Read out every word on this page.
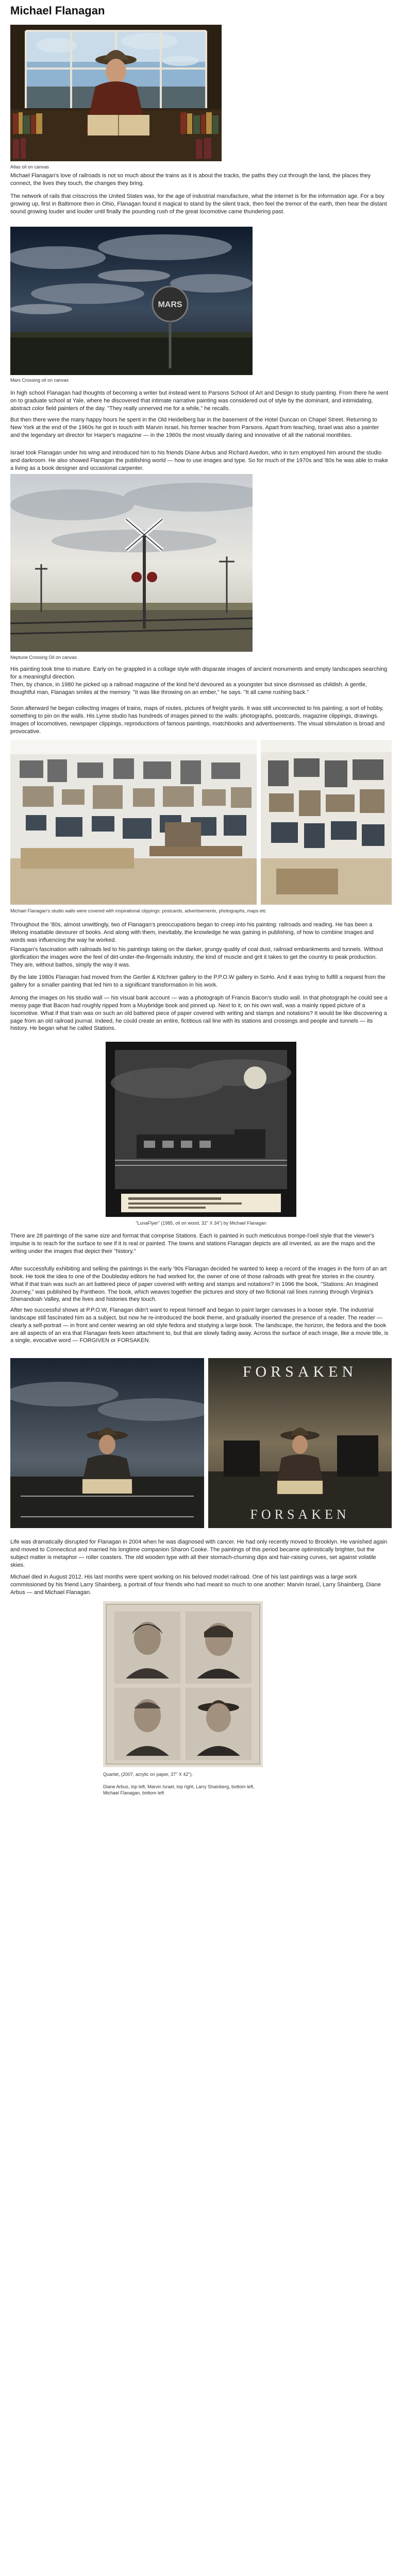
Michael Flanagan
Atlas oil on canvas

Michael Flanagan's love of railroads is not so much about the trains as it is about the tracks, the paths they cut through the land, the places they connect, the lives they touch, the changes they bring.

The network of rails that crisscross the United States was, for the age of industrial manufacture, what the internet is for the information age. For a boy growing up, first in Baltimore then in Ohio, Flanagan found it magical to stand by the silent track, then feel the tremor of the earth, then hear the distant sound growing louder and louder until finally the pounding rush of the great locomotive came thundering past.

MARS
Mars Crossing oil on canvas

In high school Flanagan had thoughts of becoming a writer but instead went to Parsons School of Art and Design to study painting. From there he went on to graduate school at Yale, where he discovered that intimate narrative painting was considered out of style by the dominant, and intimidating, abstract color field painters of the day. "They really unnerved me for a while," he recalls.

But then there were the many happy hours he spent in the Old Heidelberg bar in the basement of the Hotel Duncan on Chapel Street. Returning to New York at the end of the 1960s he got in touch with Marvin Israel, his former teacher from Parsons. Apart from teaching, Israel was also a painter and the legendary art director for Harper's magazine — in the 1960s the most visually daring and innovative of all the national monthlies.

Israel took Flanagan under his wing and introduced him to his friends Diane Arbus and Richard Avedon, who in turn employed him around the studio and darkroom. He also showed Flanagan the publishing world — how to use images and type. So for much of the 1970s and '80s he was able to make a living as a book designer and occasional carpenter.

Neptune Crossing Oil on canvas

His painting took time to mature. Early on he grappled in a collage style with disparate images of ancient monuments and empty landscapes searching for a meaningful direction.

Then, by chance, in 1980 he picked up a railroad magazine of the kind he'd devoured as a youngster but since dismissed as childish. A gentle, thoughtful man, Flanagan smiles at the memory. "It was like throwing on an ember," he says. "It all came rushing back."

Soon afterward he began collecting images of trains, maps of routes, pictures of freight yards. It was still unconnected to his painting; a sort of hobby, something to pin on the walls. His Lyme studio has hundreds of images pinned to the walls: photographs, postcards, magazine clippings, drawings. Images of locomotives, newspaper clippings, reproductions of famous paintings, matchbooks and advertisements. The visual stimulation is broad and provocative.

Michael Flanagan's studio walls were covered with inspirational clippings: postcards, advertisements, photographs, maps etc

Throughout the '80s, almost unwittingly, two of Flanagan's preoccupations began to creep into his painting: railroads and reading. He has been a lifelong insatiable devourer of books. And along with them, inevitably, the knowledge he was gaining in publishing, of how to combine images and words was influencing the way he worked.

Flanagan's fascination with railroads led to his paintings taking on the darker, grungy quality of coal dust, railroad embankments and tunnels. Without glorification the images wore the feel of dirt-under-the-fingernails industry, the kind of muscle and grit it takes to get the country to peak production. They are, without bathos, simply the way it was.

By the late 1980s Flanagan had moved from the Gertler & Kitchner gallery to the P.P.O.W gallery in SoHo. And it was trying to fulfill a request from the gallery for a smaller painting that led him to a significant transformation in his work.

Among the images on his studio wall — his visual bank account — was a photograph of Francis Bacon's studio wall. In that photograph he could see a messy page that Bacon had roughly ripped from a Muybridge book and pinned up. Next to it, on his own wall, was a mainly ripped picture of a locomotive. What if that train was on such an old battered piece of paper covered with writing and stamps and notations? It would be like discovering a page from an old railroad journal. Indeed, he could create an entire, fictitious rail line with its stations and crossings and people and tunnels — its history. He began what he called Stations.

"LunaFlyer" (1985, oil on wood, 32" X 34") by Michael Flanagan

There are 28 paintings of the same size and format that comprise Stations. Each is painted in such meticulous trompe-l'oeil style that the viewer's impulse is to reach for the surface to see if it is real or painted. The towns and stations Flanagan depicts are all invented, as are the maps and the writing under the images that depict their "history."

After successfully exhibiting and selling the paintings in the early '90s Flanagan decided he wanted to keep a record of the images in the form of an art book. He took the idea to one of the Doubleday editors he had worked for, the owner of one of those railroads with great fire stories in the country. What if that train was such an art battered piece of paper covered with writing and stamps and notations? In 1996 the book, "Stations: An Imagined Journey," was published by Pantheon. The book, which weaves together the pictures and story of two fictional rail lines running through Virginia's Shenandoah Valley, and the lives and histories they touch.

After two successful shows at P.P.O.W, Flanagan didn't want to repeat himself and began to paint larger canvases in a looser style. The industrial landscape still fascinated him as a subject, but now he re-introduced the book theme, and gradually inserted the presence of a reader. The reader — clearly a self-portrait — in front and center wearing an old style fedora and studying a large book. The landscape, the horizon, the fedora and the book are all aspects of an era that Flanagan feels keen attachment to, but that are slowly fading away. Across the surface of each image, like a movie title, is a single, evocative word — FORGIVEN or FORSAKEN.

FORSAKEN
FORSAKEN

Life was dramatically disrupted for Flanagan in 2004 when he was diagnosed with cancer. He had only recently moved to Brooklyn. He vanished again and moved to Connecticut and married his longtime companion Sharon Cooke. The paintings of this period became optimistically brighter, but the subject matter is metaphor — roller coasters. The old wooden type with all their stomach-churning dips and hair-raising curves, set against volatile skies.

Michael died in August 2012. His last months were spent working on his beloved model railroad. One of his last paintings was a large work commissioned by his friend Larry Shainberg, a portrait of four friends who had meant so much to one another: Marvin Israel, Larry Shainberg, Diane Arbus — and Michael Flanagan.

Quartet, (2007, acrylic on paper, 37" X 42").
Diane Arbus, top left, Marvin Israel, top right, Larry Shainberg, bottom left, Michael Flanagan, bottom left
